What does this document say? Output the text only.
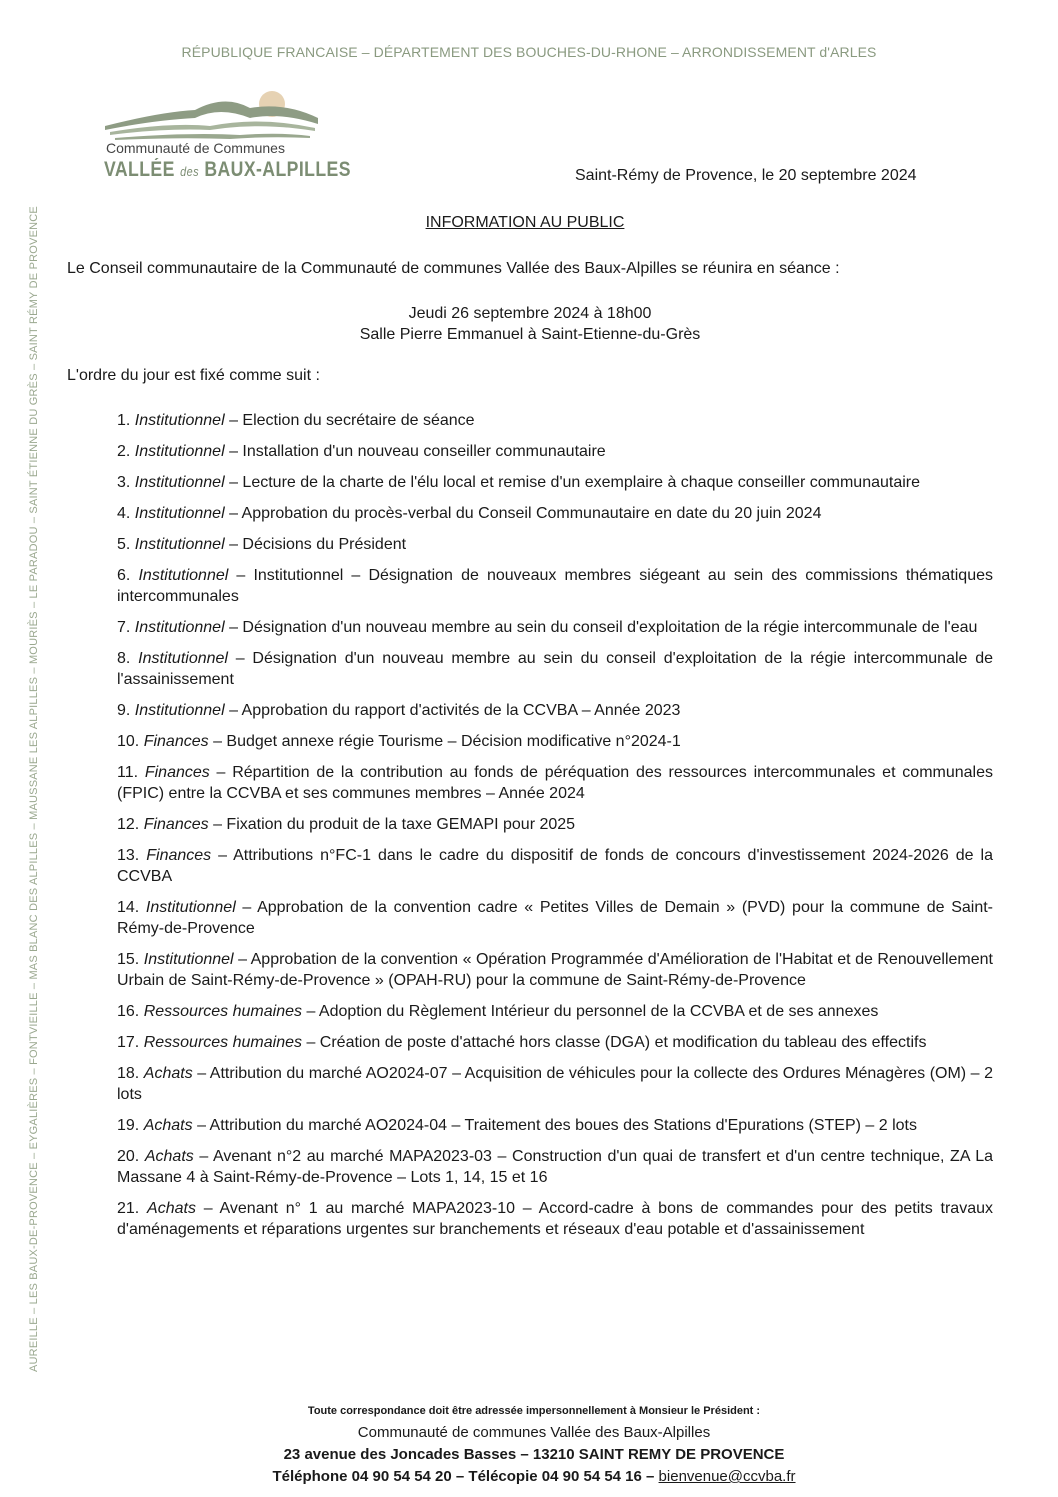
RÉPUBLIQUE FRANCAISE – DÉPARTEMENT DES BOUCHES-DU-RHONE – ARRONDISSEMENT d'ARLES
Communauté de Communes
VALLÉE des BAUX-ALPILLES	Saint-Rémy de Provence, le 20 septembre 2024
INFORMATION AU PUBLIC
Le Conseil communautaire de la Communauté de communes Vallée des Baux-Alpilles se réunira en séance :
Jeudi 26 septembre 2024 à 18h00
Salle Pierre Emmanuel à Saint-Etienne-du-Grès
L'ordre du jour est fixé comme suit :
1. Institutionnel – Election du secrétaire de séance
2. Institutionnel – Installation d'un nouveau conseiller communautaire
3. Institutionnel – Lecture de la charte de l'élu local et remise d'un exemplaire à chaque conseiller communautaire
4. Institutionnel – Approbation du procès-verbal du Conseil Communautaire en date du 20 juin 2024
5. Institutionnel – Décisions du Président
6. Institutionnel – Institutionnel – Désignation de nouveaux membres siégeant au sein des commissions thématiques intercommunales
7. Institutionnel – Désignation d'un nouveau membre au sein du conseil d'exploitation de la régie intercommunale de l'eau
8. Institutionnel – Désignation d'un nouveau membre au sein du conseil d'exploitation de la régie intercommunale de l'assainissement
9. Institutionnel – Approbation du rapport d'activités de la CCVBA – Année 2023
10. Finances – Budget annexe régie Tourisme – Décision modificative n°2024-1
11. Finances – Répartition de la contribution au fonds de péréquation des ressources intercommunales et communales (FPIC) entre la CCVBA et ses communes membres – Année 2024
12. Finances – Fixation du produit de la taxe GEMAPI pour 2025
13. Finances – Attributions n°FC-1 dans le cadre du dispositif de fonds de concours d'investissement 2024-2026 de la CCVBA
14. Institutionnel – Approbation de la convention cadre « Petites Villes de Demain » (PVD) pour la commune de Saint-Rémy-de-Provence
15. Institutionnel – Approbation de la convention « Opération Programmée d'Amélioration de l'Habitat et de Renouvellement Urbain de Saint-Rémy-de-Provence » (OPAH-RU) pour la commune de Saint-Rémy-de-Provence
16. Ressources humaines – Adoption du Règlement Intérieur du personnel de la CCVBA et de ses annexes
17. Ressources humaines – Création de poste d'attaché hors classe (DGA) et modification du tableau des effectifs
18. Achats – Attribution du marché AO2024-07 – Acquisition de véhicules pour la collecte des Ordures Ménagères (OM) – 2 lots
19. Achats – Attribution du marché AO2024-04 – Traitement des boues des Stations d'Epurations (STEP) – 2 lots
20. Achats – Avenant n°2 au marché MAPA2023-03 – Construction d'un quai de transfert et d'un centre technique, ZA La Massane 4 à Saint-Rémy-de-Provence – Lots 1, 14, 15 et 16
21. Achats – Avenant n° 1 au marché MAPA2023-10 – Accord-cadre à bons de commandes pour des petits travaux d'aménagements et réparations urgentes sur branchements et réseaux d'eau potable et d'assainissement
AUREILLE – LES BAUX-DE-PROVENCE – EYGALIÈRES – FONTVIEILLE – MAS BLANC DES ALPILLES – MAUSSANE LES ALPILLES – MOURIÈS – LE PARADOU – SAINT ÉTIENNE DU GRÈS – SAINT RÉMY DE PROVENCE
Toute correspondance doit être adressée impersonnellement à Monsieur le Président :
Communauté de communes Vallée des Baux-Alpilles
23 avenue des Joncades Basses – 13210 SAINT REMY DE PROVENCE
Téléphone 04 90 54 54 20 – Télécopie 04 90 54 54 16 – bienvenue@ccvba.fr
